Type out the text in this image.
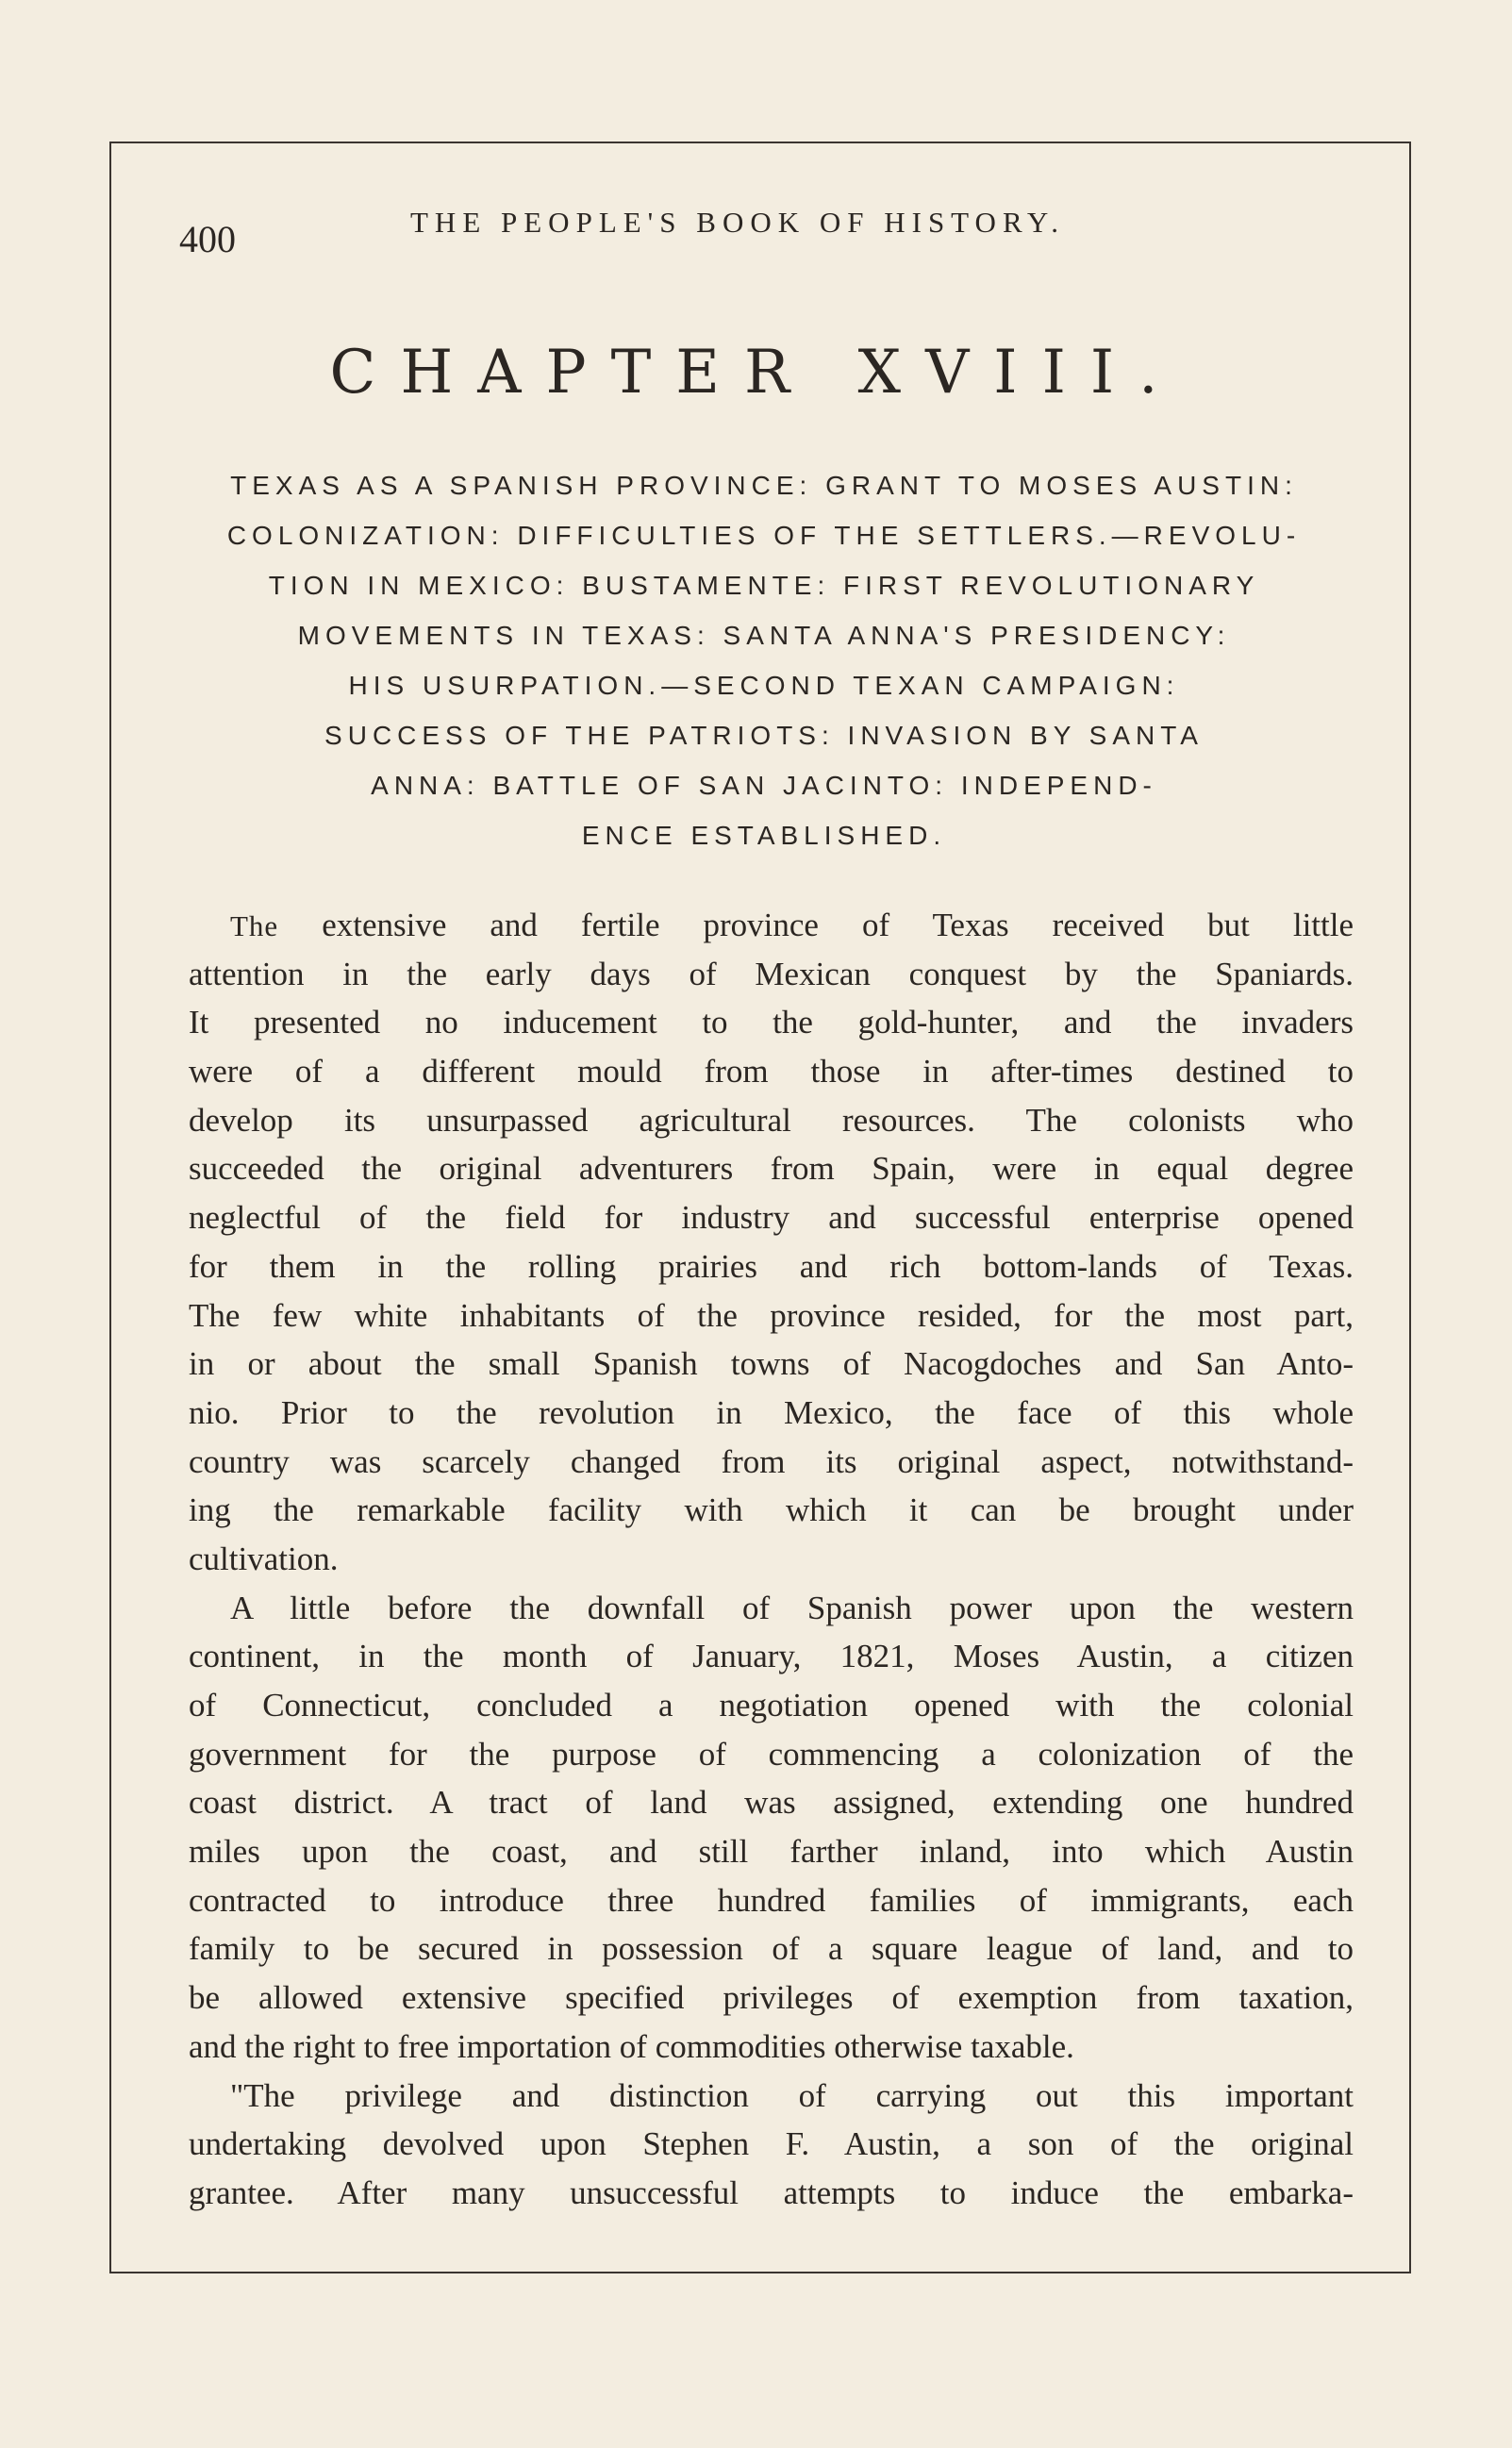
400	THE PEOPLE'S BOOK OF HISTORY.
CHAPTER XVIII.
TEXAS AS A SPANISH PROVINCE: GRANT TO MOSES AUSTIN:
COLONIZATION: DIFFICULTIES OF THE SETTLERS.—REVOLU-
TION IN MEXICO: BUSTAMENTE: FIRST REVOLUTIONARY
MOVEMENTS IN TEXAS: SANTA ANNA'S PRESIDENCY:
HIS USURPATION.—SECOND TEXAN CAMPAIGN:
SUCCESS OF THE PATRIOTS: INVASION BY SANTA
ANNA: BATTLE OF SAN JACINTO: INDEPEND-
ENCE ESTABLISHED.
The extensive and fertile province of Texas received but little
attention in the early days of Mexican conquest by the Spaniards.
It presented no inducement to the gold-hunter, and the invaders
were of a different mould from those in after-times destined to
develop its unsurpassed agricultural resources. The colonists who
succeeded the original adventurers from Spain, were in equal degree
neglectful of the field for industry and successful enterprise opened
for them in the rolling prairies and rich bottom-lands of Texas.
The few white inhabitants of the province resided, for the most part,
in or about the small Spanish towns of Nacogdoches and San Anto-
nio. Prior to the revolution in Mexico, the face of this whole
country was scarcely changed from its original aspect, notwithstand-
ing the remarkable facility with which it can be brought under
cultivation.
A little before the downfall of Spanish power upon the western
continent, in the month of January, 1821, Moses Austin, a citizen
of Connecticut, concluded a negotiation opened with the colonial
government for the purpose of commencing a colonization of the
coast district. A tract of land was assigned, extending one hundred
miles upon the coast, and still farther inland, into which Austin
contracted to introduce three hundred families of immigrants, each
family to be secured in possession of a square league of land, and to
be allowed extensive specified privileges of exemption from taxation,
and the right to free importation of commodities otherwise taxable.
"The privilege and distinction of carrying out this important
undertaking devolved upon Stephen F. Austin, a son of the original
grantee. After many unsuccessful attempts to induce the embarka-
